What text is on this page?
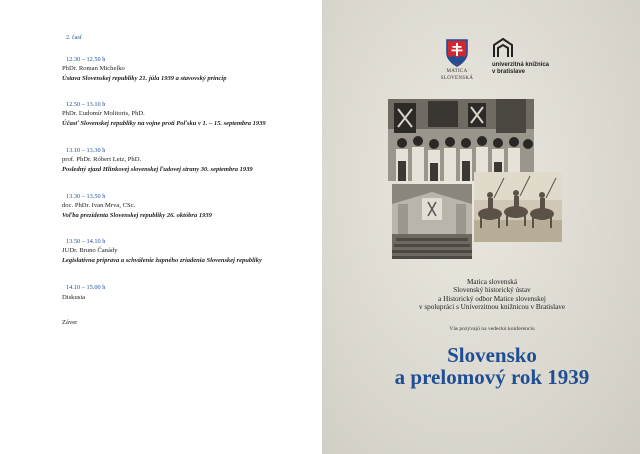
2. časť
12.30 – 12.50 h
PhDr. Roman Michelko
Ústava Slovenskej republiky 21. júla 1939 a stavovský princíp
12.50 – 13.10 h
PhDr. Ľudomír Molitoris, PhD.
Účasť Slovenskej republiky na vojne proti Poľsku v 1. – 15. septembra 1939
13.10 – 13.30 h
prof. PhDr. Róbert Letz, PhD.
Posledný zjazd Hlinkovej slovenskej ľudovej strany 30. septembra 1939
13.30 – 13.50 h
doc. PhDr. Ivan Mrva, CSc.
Voľba prezidenta Slovenskej republiky 26. októbra 1939
13.50 – 14.10 h
JUDr. Bruno Čanády
Legislatívna príprava a schválenie župného zriadenia Slovenskej republiky
14.10 – 15.00 h
Diskusia
Záver
MATICA
SLOVENSKÁ
univerzitná knižnica
v bratislave
Matica slovenská
Slovenský historický ústav
a Historický odbor Matice slovenskej
v spolupráci s Univerzitnou knižnicou v Bratislave
Vás pozývajú na vedeckú konferenciu
Slovensko
a prelomový rok 1939
